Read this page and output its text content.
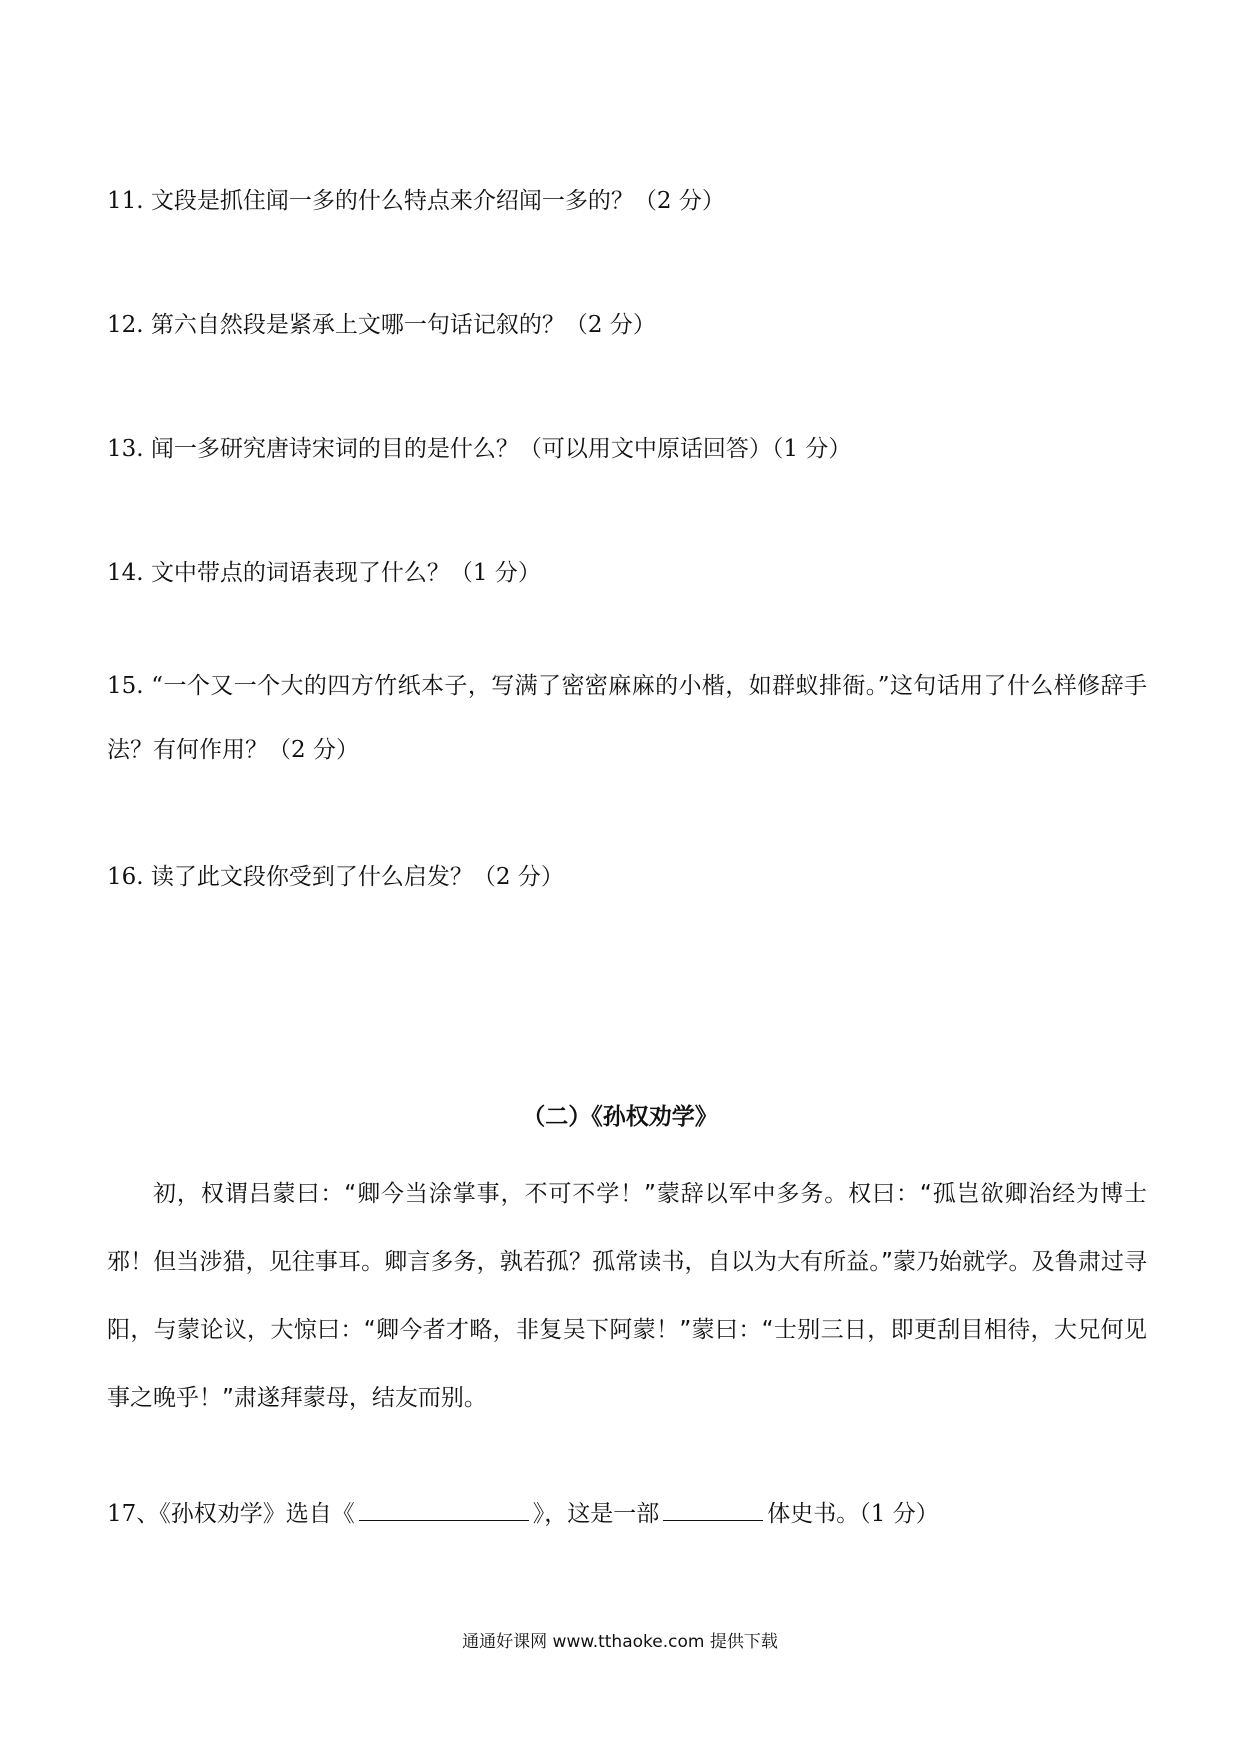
11. 文段是抓住闻一多的什么特点来介绍闻一多的？（2 分）

12. 第六自然段是紧承上文哪一句话记叙的？（2 分）

13. 闻一多研究唐诗宋词的目的是什么？（可以用文中原话回答）（1 分）

14. 文中带点的词语表现了什么？（1 分）

15. “一个又一个大的四方竹纸本子，写满了密密麻麻的小楷，如群蚁排衙。”这句话用了什么样修辞手法？有何作用？（2 分）

16. 读了此文段你受到了什么启发？（2 分）

（二）《孙权劝学》

初，权谓吕蒙曰：“卿今当涂掌事，不可不学！”蒙辞以军中多务。权曰：“孤岂欲卿治经为博士邪！但当涉猎，见往事耳。卿言多务，孰若孤？孤常读书，自以为大有所益。”蒙乃始就学。及鲁肃过寻阳，与蒙论议，大惊曰：“卿今者才略，非复吴下阿蒙！”蒙曰：“士别三日，即更刮目相待，大兄何见事之晚乎！”肃遂拜蒙母，结友而别。

17、《孙权劝学》选自《	》，这是一部	体史书。（1 分）

通通好课网 www.tthaoke.com 提供下载
